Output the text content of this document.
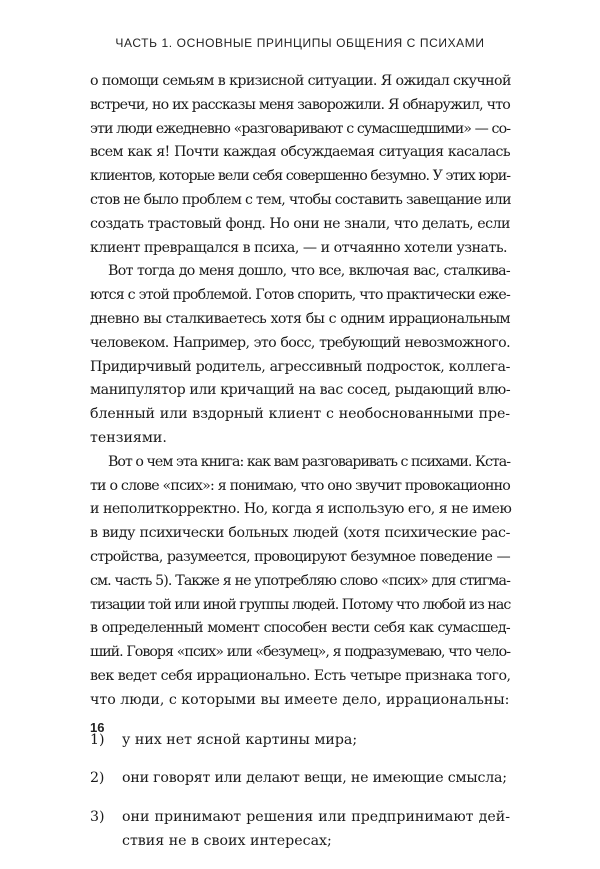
ЧАСТЬ 1. ОСНОВНЫЕ ПРИНЦИПЫ ОБЩЕНИЯ С ПСИХАМИ
о помощи семьям в кризисной ситуации. Я ожидал скучной
встречи, но их рассказы меня заворожили. Я обнаружил, что
эти люди ежедневно «разговаривают с сумасшедшими» — со-
всем как я! Почти каждая обсуждаемая ситуация касалась
клиентов, которые вели себя совершенно безумно. У этих юри-
стов не было проблем с тем, чтобы составить завещание или
создать трастовый фонд. Но они не знали, что делать, если
клиент превращался в психа, — и отчаянно хотели узнать.
Вот тогда до меня дошло, что все, включая вас, сталкива-
ются с этой проблемой. Готов спорить, что практически еже-
дневно вы сталкиваетесь хотя бы с одним иррациональным
человеком. Например, это босс, требующий невозможного.
Придирчивый родитель, агрессивный подросток, коллега-
манипулятор или кричащий на вас сосед, рыдающий влю-
бленный или вздорный клиент с необоснованными пре-
тензиями.
Вот о чем эта книга: как вам разговаривать с психами. Кста-
ти о слове «псих»: я понимаю, что оно звучит провокационно
и неполиткорректно. Но, когда я использую его, я не имею
в виду психически больных людей (хотя психические рас-
стройства, разумеется, провоцируют безумное поведение —
см. часть 5). Также я не употребляю слово «псих» для стигма-
тизации той или иной группы людей. Потому что любой из нас
в определенный момент способен вести себя как сумасшед-
ший. Говоря «псих» или «безумец», я подразумеваю, что чело-
век ведет себя иррационально. Есть четыре признака того,
что люди, с которыми вы имеете дело, иррациональны:
1) у них нет ясной картины мира;
2) они говорят или делают вещи, не имеющие смысла;
3) они принимают решения или предпринимают дей-
ствия не в своих интересах;
16
